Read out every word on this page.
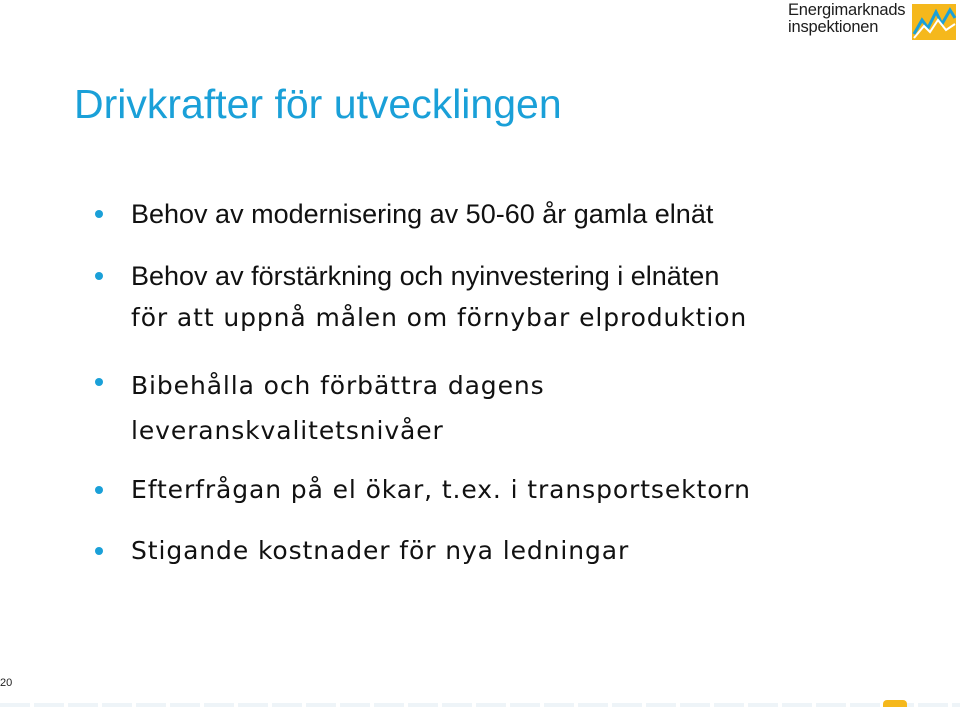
Energimarknads
inspektionen
Drivkrafter för utvecklingen
Behov av modernisering av 50-60 år gamla elnät
Behov av förstärkning och nyinvestering i elnäten
för att uppnå målen om förnybar elproduktion
Bibehålla och förbättra dagens
leveranskvalitetsnivåer
Efterfrågan på el ökar, t.ex. i transportsektorn
Stigande kostnader för nya ledningar
20
